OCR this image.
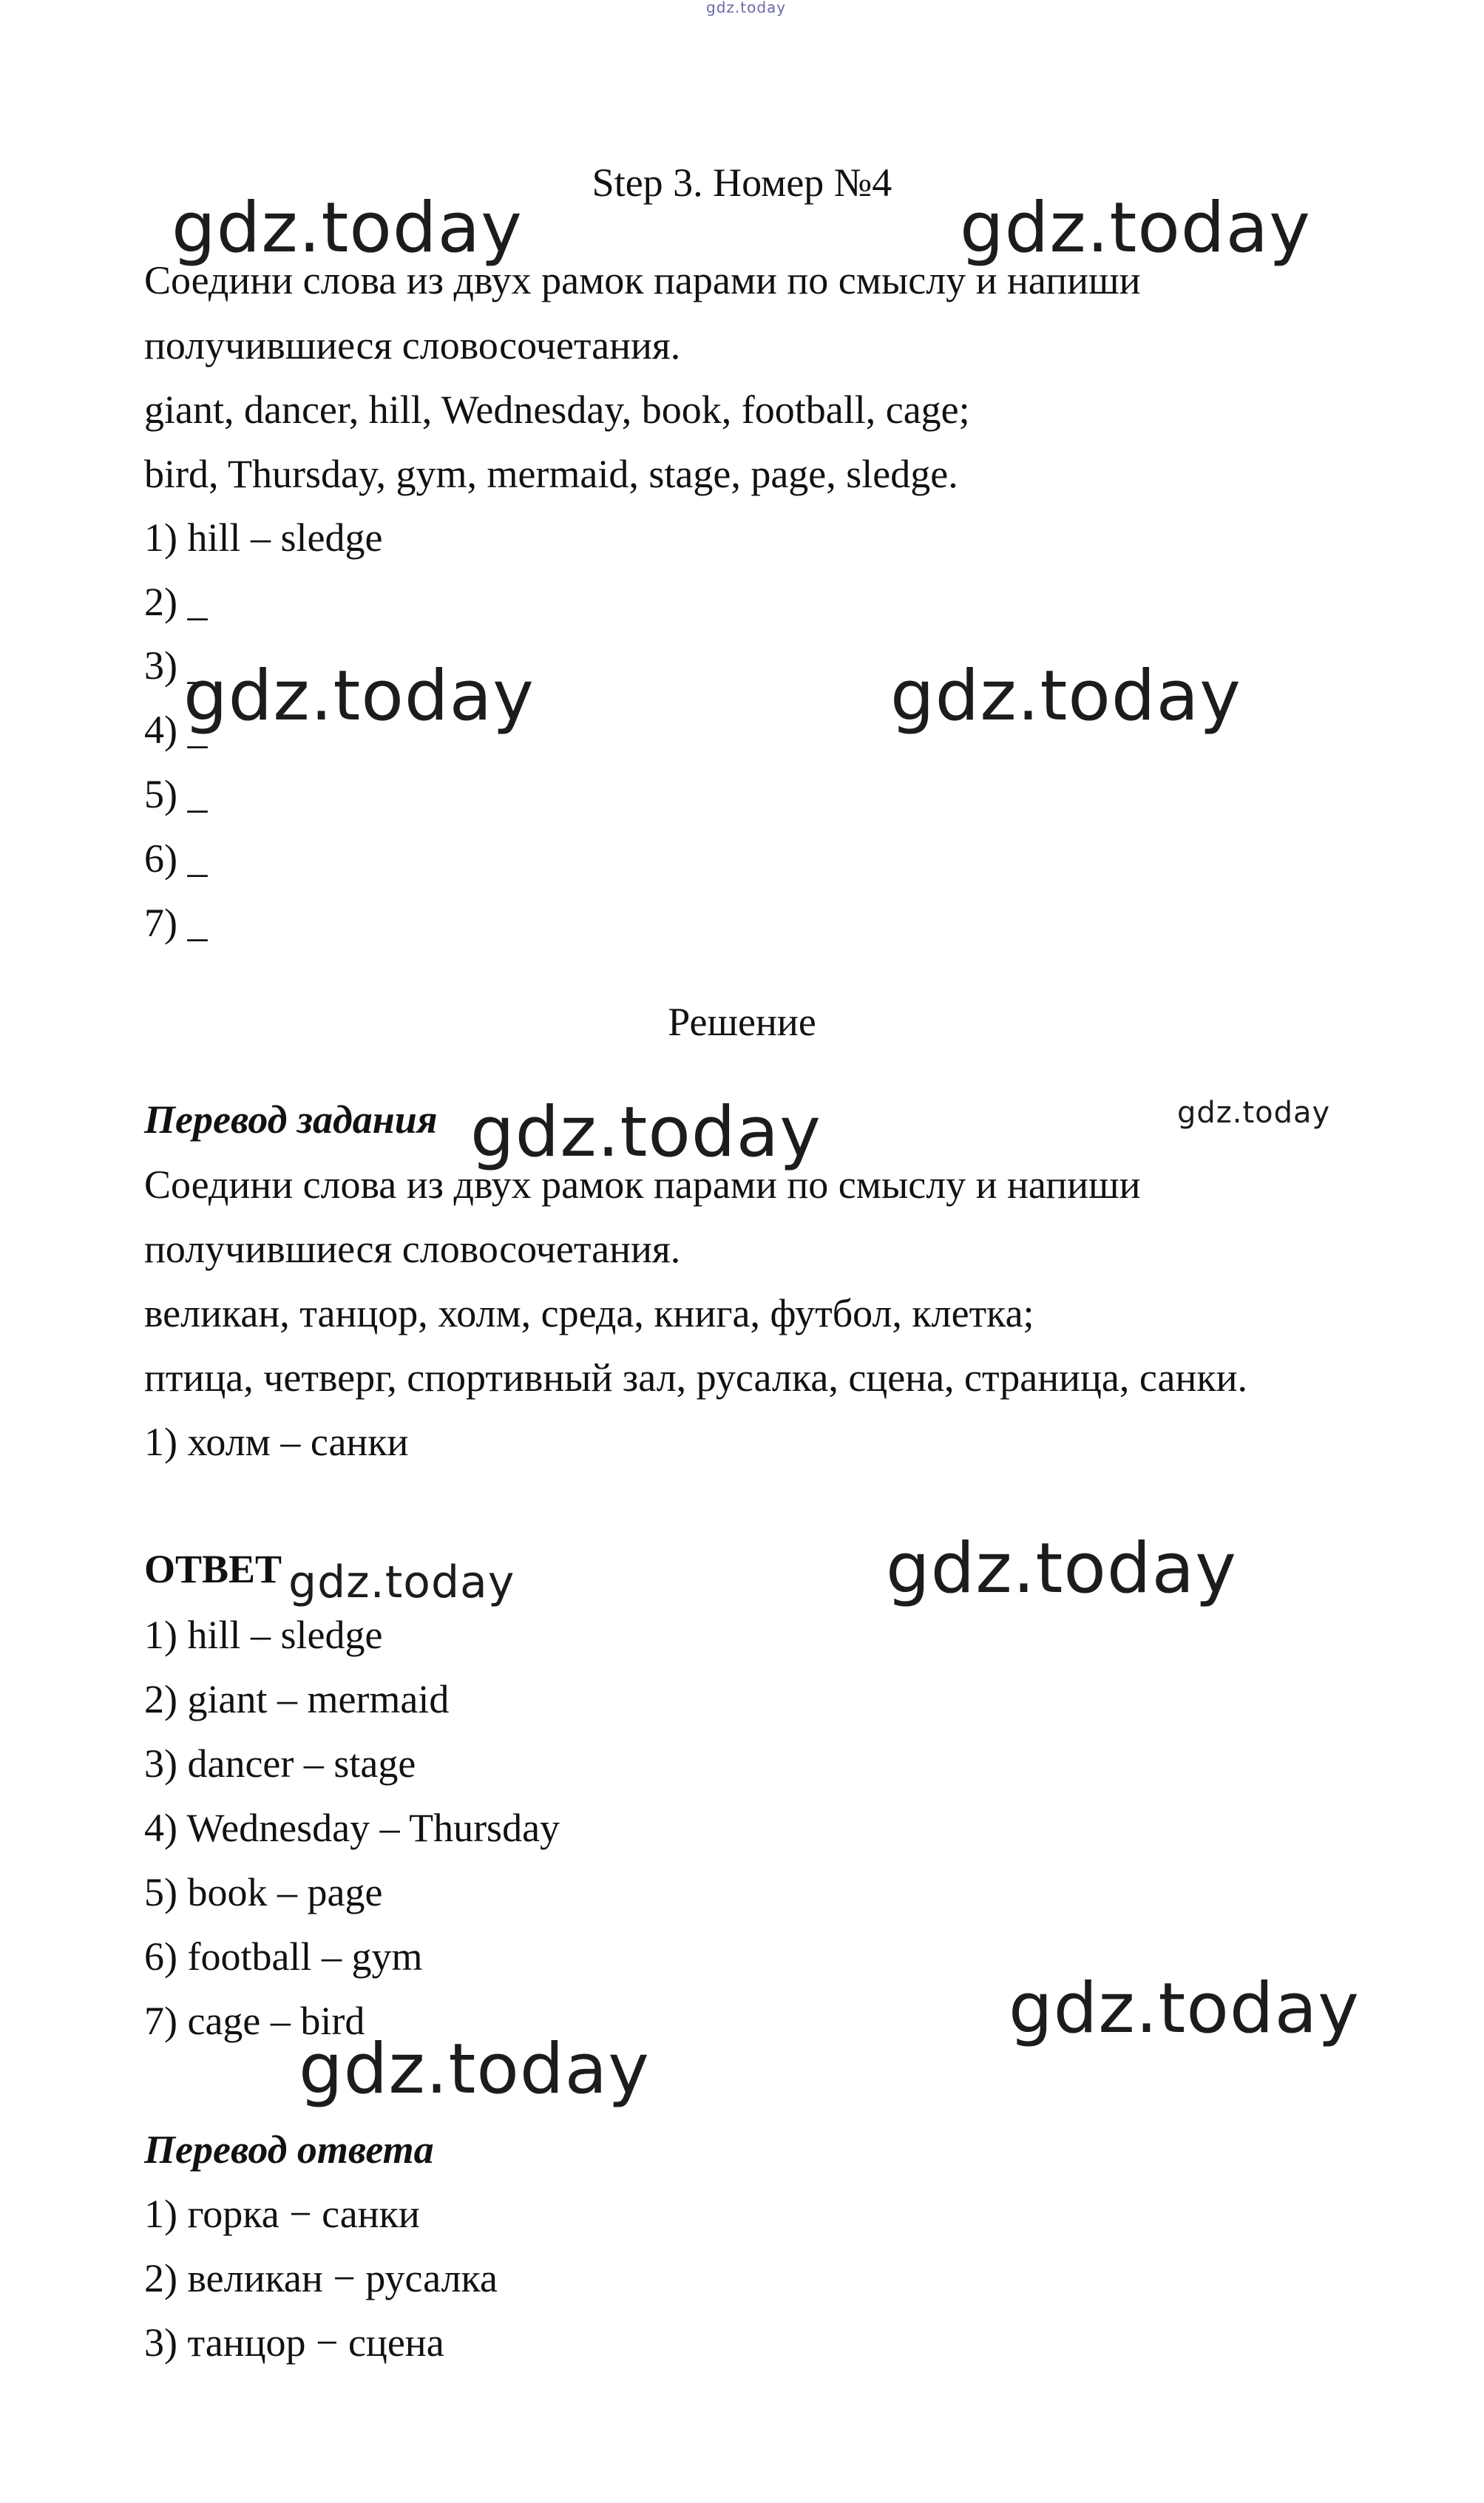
gdz.today
Step 3. Номер №4
Соедини слова из двух рамок парами по смыслу и напиши
получившиеся словосочетания.
giant, dancer, hill, Wednesday, book, football, cage;
bird, Thursday, gym, mermaid, stage, page, sledge.
1) hill – sledge
2) _
3) _
4) _
5) _
6) _
7) _
Решение
Перевод задания
Соедини слова из двух рамок парами по смыслу и напиши
получившиеся словосочетания.
великан, танцор, холм, среда, книга, футбол, клетка;
птица, четверг, спортивный зал, русалка, сцена, страница, санки.
1) холм – санки
ОТВЕТ
1) hill – sledge
2) giant – mermaid
3) dancer – stage
4) Wednesday – Thursday
5) book – page
6) football – gym
7) cage – bird
Перевод ответа
1) горка − санки
2) великан − русалка
3) танцор − сцена
gdz.today	gdz.today
gdz.today	gdz.today
gdz.today	gdz.today
gdz.today	gdz.today
gdz.today
gdz.today
